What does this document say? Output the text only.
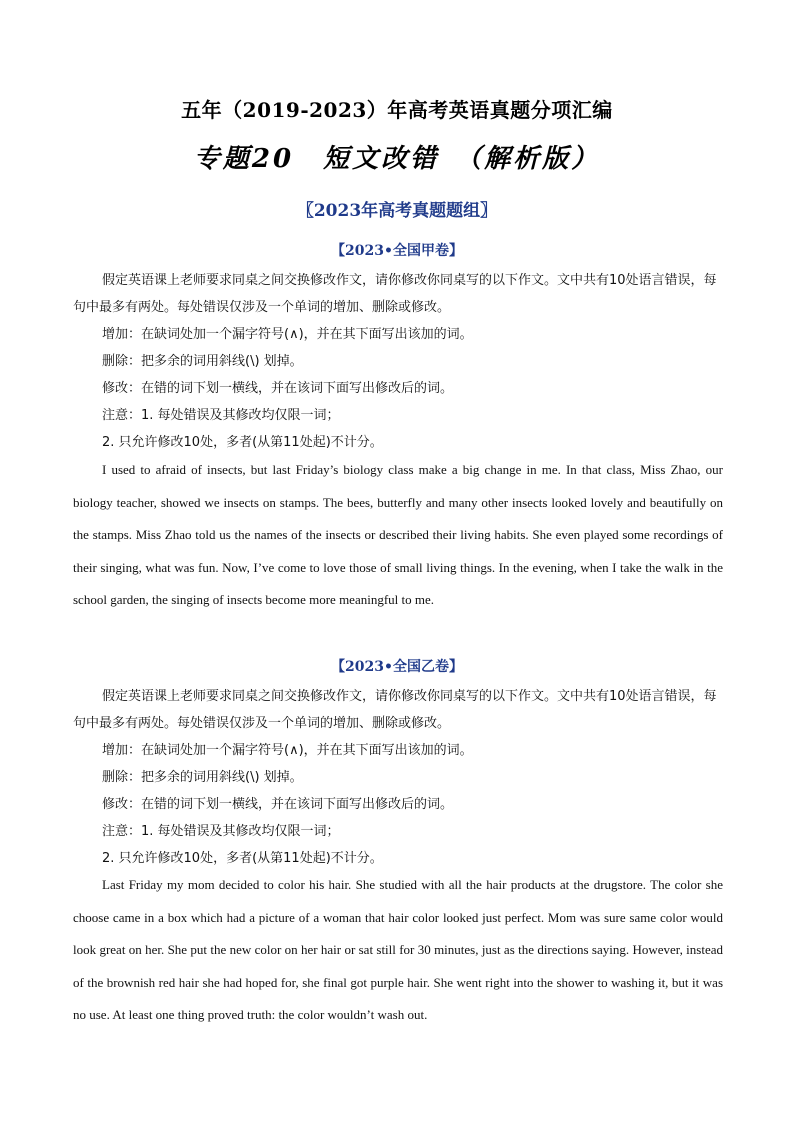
五年（2019-2023）年高考英语真题分项汇编
专题20　短文改错　（解析版）
〖2023年高考真题题组〗
【2023•全国甲卷】

假定英语课上老师要求同桌之间交换修改作文，请你修改你同桌写的以下作文。文中共有10处语言错误，每句中最多有两处。每处错误仅涉及一个单词的增加、删除或修改。

增加：在缺词处加一个漏字符号(∧)，并在其下面写出该加的词。

删除：把多余的词用斜线(\) 划掉。

修改：在错的词下划一横线，并在该词下面写出修改后的词。

注意：1. 每处错误及其修改均仅限一词；

2. 只允许修改10处，多者(从第11处起)不计分。

I used to afraid of insects, but last Friday’s biology class make a big change in me. In that class, Miss Zhao, our biology teacher, showed we insects on stamps. The bees, butterfly and many other insects looked lovely and beautifully on the stamps. Miss Zhao told us the names of the insects or described their living habits. She even played some recordings of their singing, what was fun. Now, I’ve come to love those of small living things. In the evening, when I take the walk in the school garden, the singing of insects become more meaningful to me.

【2023•全国乙卷】

假定英语课上老师要求同桌之间交换修改作文，请你修改你同桌写的以下作文。文中共有10处语言错误，每句中最多有两处。每处错误仅涉及一个单词的增加、删除或修改。

增加：在缺词处加一个漏字符号(∧)，并在其下面写出该加的词。

删除：把多余的词用斜线(\) 划掉。

修改：在错的词下划一横线，并在该词下面写出修改后的词。

注意：1. 每处错误及其修改均仅限一词；

2. 只允许修改10处，多者(从第11处起)不计分。

Last Friday my mom decided to color his hair. She studied with all the hair products at the drugstore. The color she choose came in a box which had a picture of a woman that hair color looked just perfect. Mom was sure same color would look great on her. She put the new color on her hair or sat still for 30 minutes, just as the directions saying. However, instead of the brownish red hair she had hoped for, she final got purple hair. She went right into the shower to washing it, but it was no use. At least one thing proved truth: the color wouldn’t wash out.
